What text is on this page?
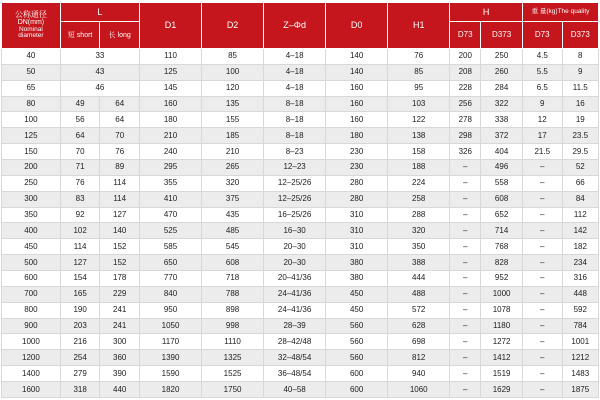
公称通径
DN(mm)
Nominal
diameter	L		D1	D2	Z–Φd	D0	H1	H		重 量(kg)The quality	
	短 short	长 long						D73	D373	D73	D373
40	33		110	85	4–18	140	76	200	250	4.5	8
50	43		125	100	4–18	140	85	208	260	5.5	9
65	46		145	120	4–18	160	95	228	284	6.5	11.5
80	49	64	160	135	8–18	160	103	256	322	9	16
100	56	64	180	155	8–18	160	122	278	338	12	19
125	64	70	210	185	8–18	180	138	298	372	17	23.5
150	70	76	240	210	8–23	230	158	326	404	21.5	29.5
200	71	89	295	265	12–23	230	188	–	496	–	52
250	76	114	355	320	12–25/26	280	224	–	558	–	66
300	83	114	410	375	12–25/26	280	258	–	608	–	84
350	92	127	470	435	16–25/26	310	288	–	652	–	112
400	102	140	525	485	16–30	310	320	–	714	–	142
450	114	152	585	545	20–30	310	350	–	768	–	182
500	127	152	650	608	20–30	380	388	–	828	–	234
600	154	178	770	718	20–41/36	380	444	–	952	–	316
700	165	229	840	788	24–41/36	450	488	–	1000	–	448
800	190	241	950	898	24–41/36	450	572	–	1078	–	592
900	203	241	1050	998	28–39	560	628	–	1180	–	784
1000	216	300	1170	1110	28–42/48	560	698	–	1272	–	1001
1200	254	360	1390	1325	32–48/54	560	812	–	1412	–	1212
1400	279	390	1590	1525	36–48/54	600	940	–	1519	–	1483
1600	318	440	1820	1750	40–58	600	1060	–	1629	–	1875
